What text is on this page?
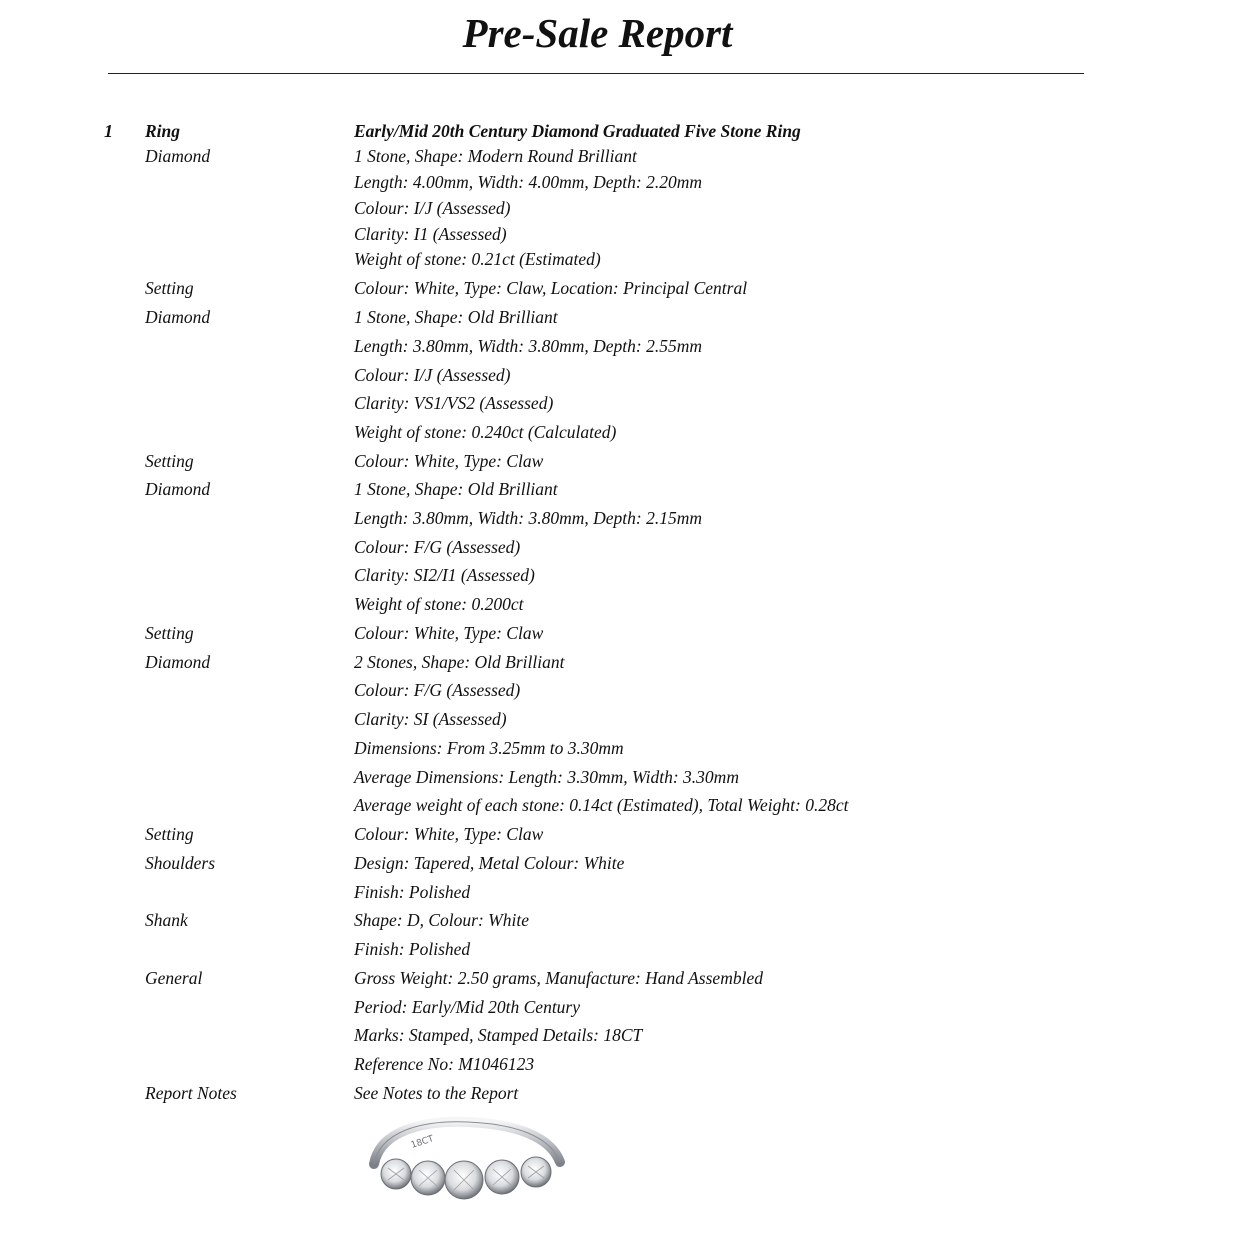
Pre-Sale Report
1 Ring	Early/Mid 20th Century Diamond Graduated Five Stone Ring
Diamond	1 Stone, Shape: Modern Round Brilliant
Length: 4.00mm, Width: 4.00mm, Depth: 2.20mm
Colour: I/J (Assessed)
Clarity: I1 (Assessed)
Weight of stone: 0.21ct (Estimated)
Setting	Colour: White, Type: Claw, Location: Principal Central
Diamond	1 Stone, Shape: Old Brilliant
Length: 3.80mm, Width: 3.80mm, Depth: 2.55mm
Colour: I/J (Assessed)
Clarity: VS1/VS2 (Assessed)
Weight of stone: 0.240ct (Calculated)
Setting	Colour: White, Type: Claw
Diamond	1 Stone, Shape: Old Brilliant
Length: 3.80mm, Width: 3.80mm, Depth: 2.15mm
Colour: F/G (Assessed)
Clarity: SI2/I1 (Assessed)
Weight of stone: 0.200ct
Setting	Colour: White, Type: Claw
Diamond	2 Stones, Shape: Old Brilliant
Colour: F/G (Assessed)
Clarity: SI (Assessed)
Dimensions: From 3.25mm to 3.30mm
Average Dimensions: Length: 3.30mm, Width: 3.30mm
Average weight of each stone: 0.14ct (Estimated), Total Weight: 0.28ct
Setting	Colour: White, Type: Claw
Shoulders	Design: Tapered, Metal Colour: White
Finish: Polished
Shank	Shape: D, Colour: White
Finish: Polished
General	Gross Weight: 2.50 grams, Manufacture: Hand Assembled
Period: Early/Mid 20th Century
Marks: Stamped, Stamped Details: 18CT
Reference No: M1046123
Report Notes	See Notes to the Report
18CT
